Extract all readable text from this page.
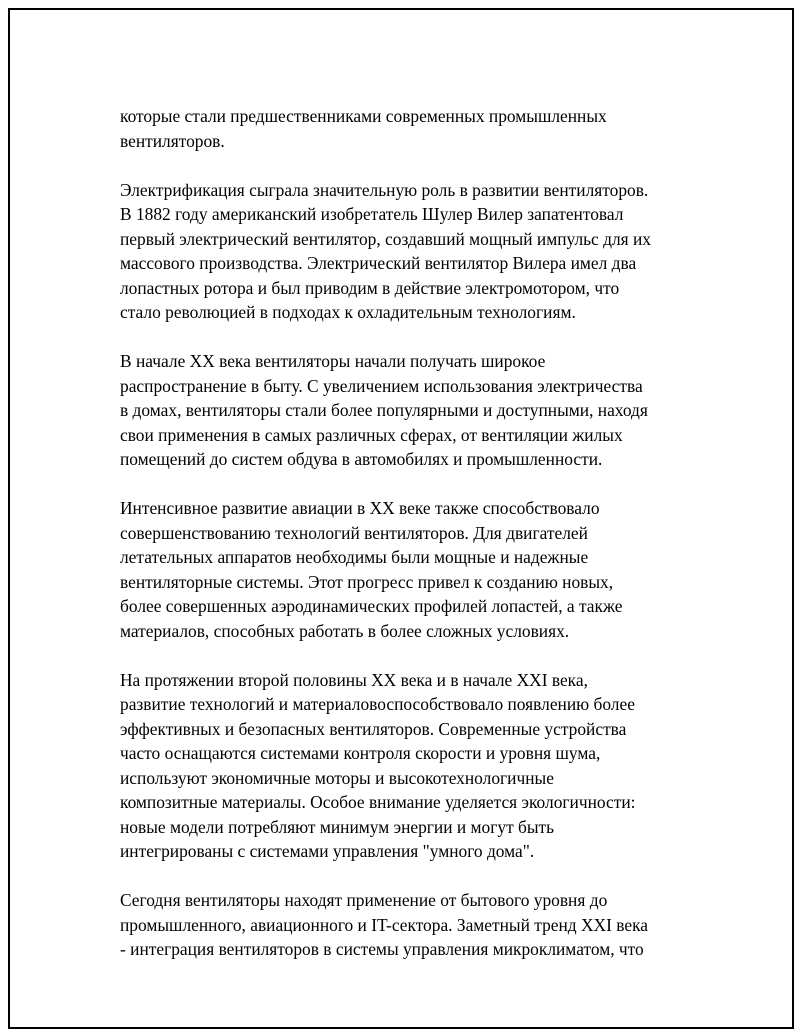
которые стали предшественниками современных промышленных
вентиляторов.

Электрификация сыграла значительную роль в развитии вентиляторов.
В 1882 году американский изобретатель Шулер Вилер запатентовал
первый электрический вентилятор, создавший мощный импульс для их
массового производства. Электрический вентилятор Вилера имел два
лопастных ротора и был приводим в действие электромотором, что
стало революцией в подходах к охладительным технологиям.

В начале XX века вентиляторы начали получать широкое
распространение в быту. С увеличением использования электричества
в домах, вентиляторы стали более популярными и доступными, находя
свои применения в самых различных сферах, от вентиляции жилых
помещений до систем обдува в автомобилях и промышленности.

Интенсивное развитие авиации в XX веке также способствовало
совершенствованию технологий вентиляторов. Для двигателей
летательных аппаратов необходимы были мощные и надежные
вентиляторные системы. Этот прогресс привел к созданию новых,
более совершенных аэродинамических профилей лопастей, а также
материалов, способных работать в более сложных условиях.

На протяжении второй половины XX века и в начале XXI века,
развитие технологий и материаловоспособствовало появлению более
эффективных и безопасных вентиляторов. Современные устройства
часто оснащаются системами контроля скорости и уровня шума,
используют экономичные моторы и высокотехнологичные
композитные материалы. Особое внимание уделяется экологичности:
новые модели потребляют минимум энергии и могут быть
интегрированы с системами управления "умного дома".

Сегодня вентиляторы находят применение от бытового уровня до
промышленного, авиационного и IT-сектора. Заметный тренд XXI века
- интеграция вентиляторов в системы управления микроклиматом, что
